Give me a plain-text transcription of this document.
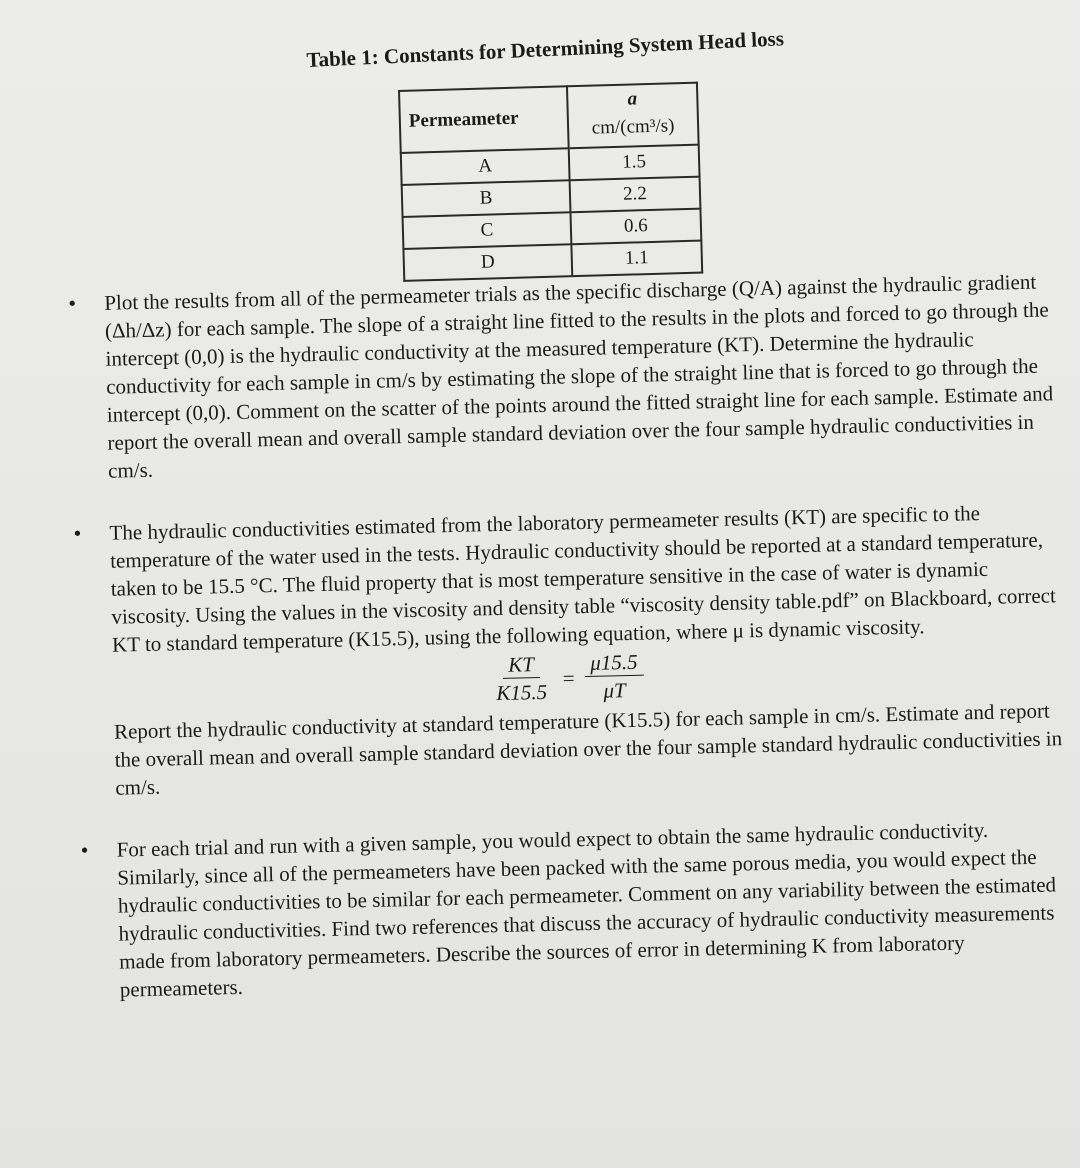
Table 1: Constants for Determining System Head loss
Permeameter	a
cm/(cm³/s)

A	1.5
B	2.2
C	0.6
D	1.1
• Plot the results from all of the permeameter trials as the specific discharge (Q/A) against the hydraulic gradient (Δh/Δz) for each sample. The slope of a straight line fitted to the results in the plots and forced to go through the intercept (0,0) is the hydraulic conductivity at the measured temperature (KT). Determine the hydraulic conductivity for each sample in cm/s by estimating the slope of the straight line that is forced to go through the intercept (0,0). Comment on the scatter of the points around the fitted straight line for each sample. Estimate and report the overall mean and overall sample standard deviation over the four sample hydraulic conductivities in cm/s.
• The hydraulic conductivities estimated from the laboratory permeameter results (KT) are specific to the temperature of the water used in the tests. Hydraulic conductivity should be reported at a standard temperature, taken to be 15.5 °C. The fluid property that is most temperature sensitive in the case of water is dynamic viscosity. Using the values in the viscosity and density table “viscosity density table.pdf” on Blackboard, correct KT to standard temperature (K15.5), using the following equation, where μ is dynamic viscosity.
$\frac{KT}{K15.5} = \frac{\mu 15.5}{\mu T}$
Report the hydraulic conductivity at standard temperature (K15.5) for each sample in cm/s. Estimate and report the overall mean and overall sample standard deviation over the four sample standard hydraulic conductivities in cm/s.
• For each trial and run with a given sample, you would expect to obtain the same hydraulic conductivity. Similarly, since all of the permeameters have been packed with the same porous media, you would expect the hydraulic conductivities to be similar for each permeameter. Comment on any variability between the estimated hydraulic conductivities. Find two references that discuss the accuracy of hydraulic conductivity measurements made from laboratory permeameters. Describe the sources of error in determining K from laboratory permeameters.
